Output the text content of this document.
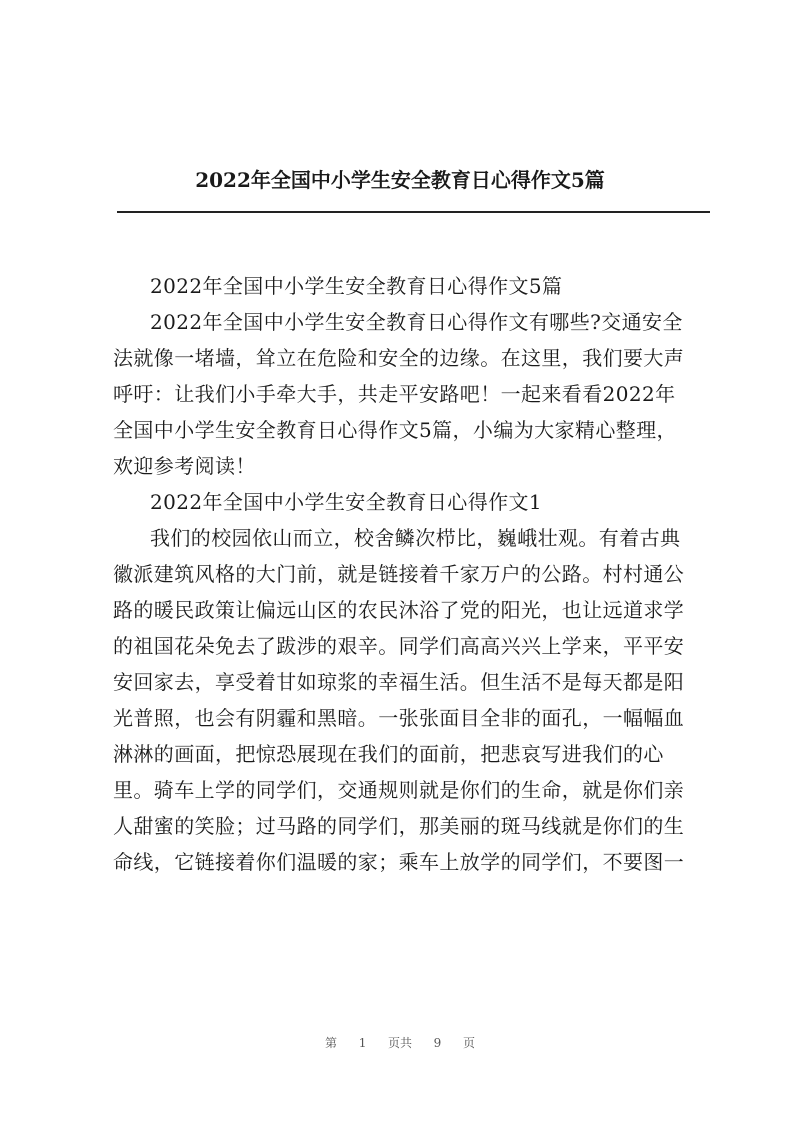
2022年全国中小学生安全教育日心得作文5篇

2022年全国中小学生安全教育日心得作文5篇

2022年全国中小学生安全教育日心得作文有哪些?交通安全

法就像一堵墙，耸立在危险和安全的边缘。在这里，我们要大声

呼吁：让我们小手牵大手，共走平安路吧！一起来看看2022年

全国中小学生安全教育日心得作文5篇，小编为大家精心整理，

欢迎参考阅读！

2022年全国中小学生安全教育日心得作文1

我们的校园依山而立，校舍鳞次栉比，巍峨壮观。有着古典

徽派建筑风格的大门前，就是链接着千家万户的公路。村村通公

路的暖民政策让偏远山区的农民沐浴了党的阳光，也让远道求学

的祖国花朵免去了跋涉的艰辛。同学们高高兴兴上学来，平平安

安回家去，享受着甘如琼浆的幸福生活。但生活不是每天都是阳

光普照，也会有阴霾和黑暗。一张张面目全非的面孔，一幅幅血

淋淋的画面，把惊恐展现在我们的面前，把悲哀写进我们的心

里。骑车上学的同学们，交通规则就是你们的生命，就是你们亲

人甜蜜的笑脸；过马路的同学们，那美丽的斑马线就是你们的生

命线，它链接着你们温暖的家；乘车上放学的同学们，不要图一

第 1 页共 9 页
